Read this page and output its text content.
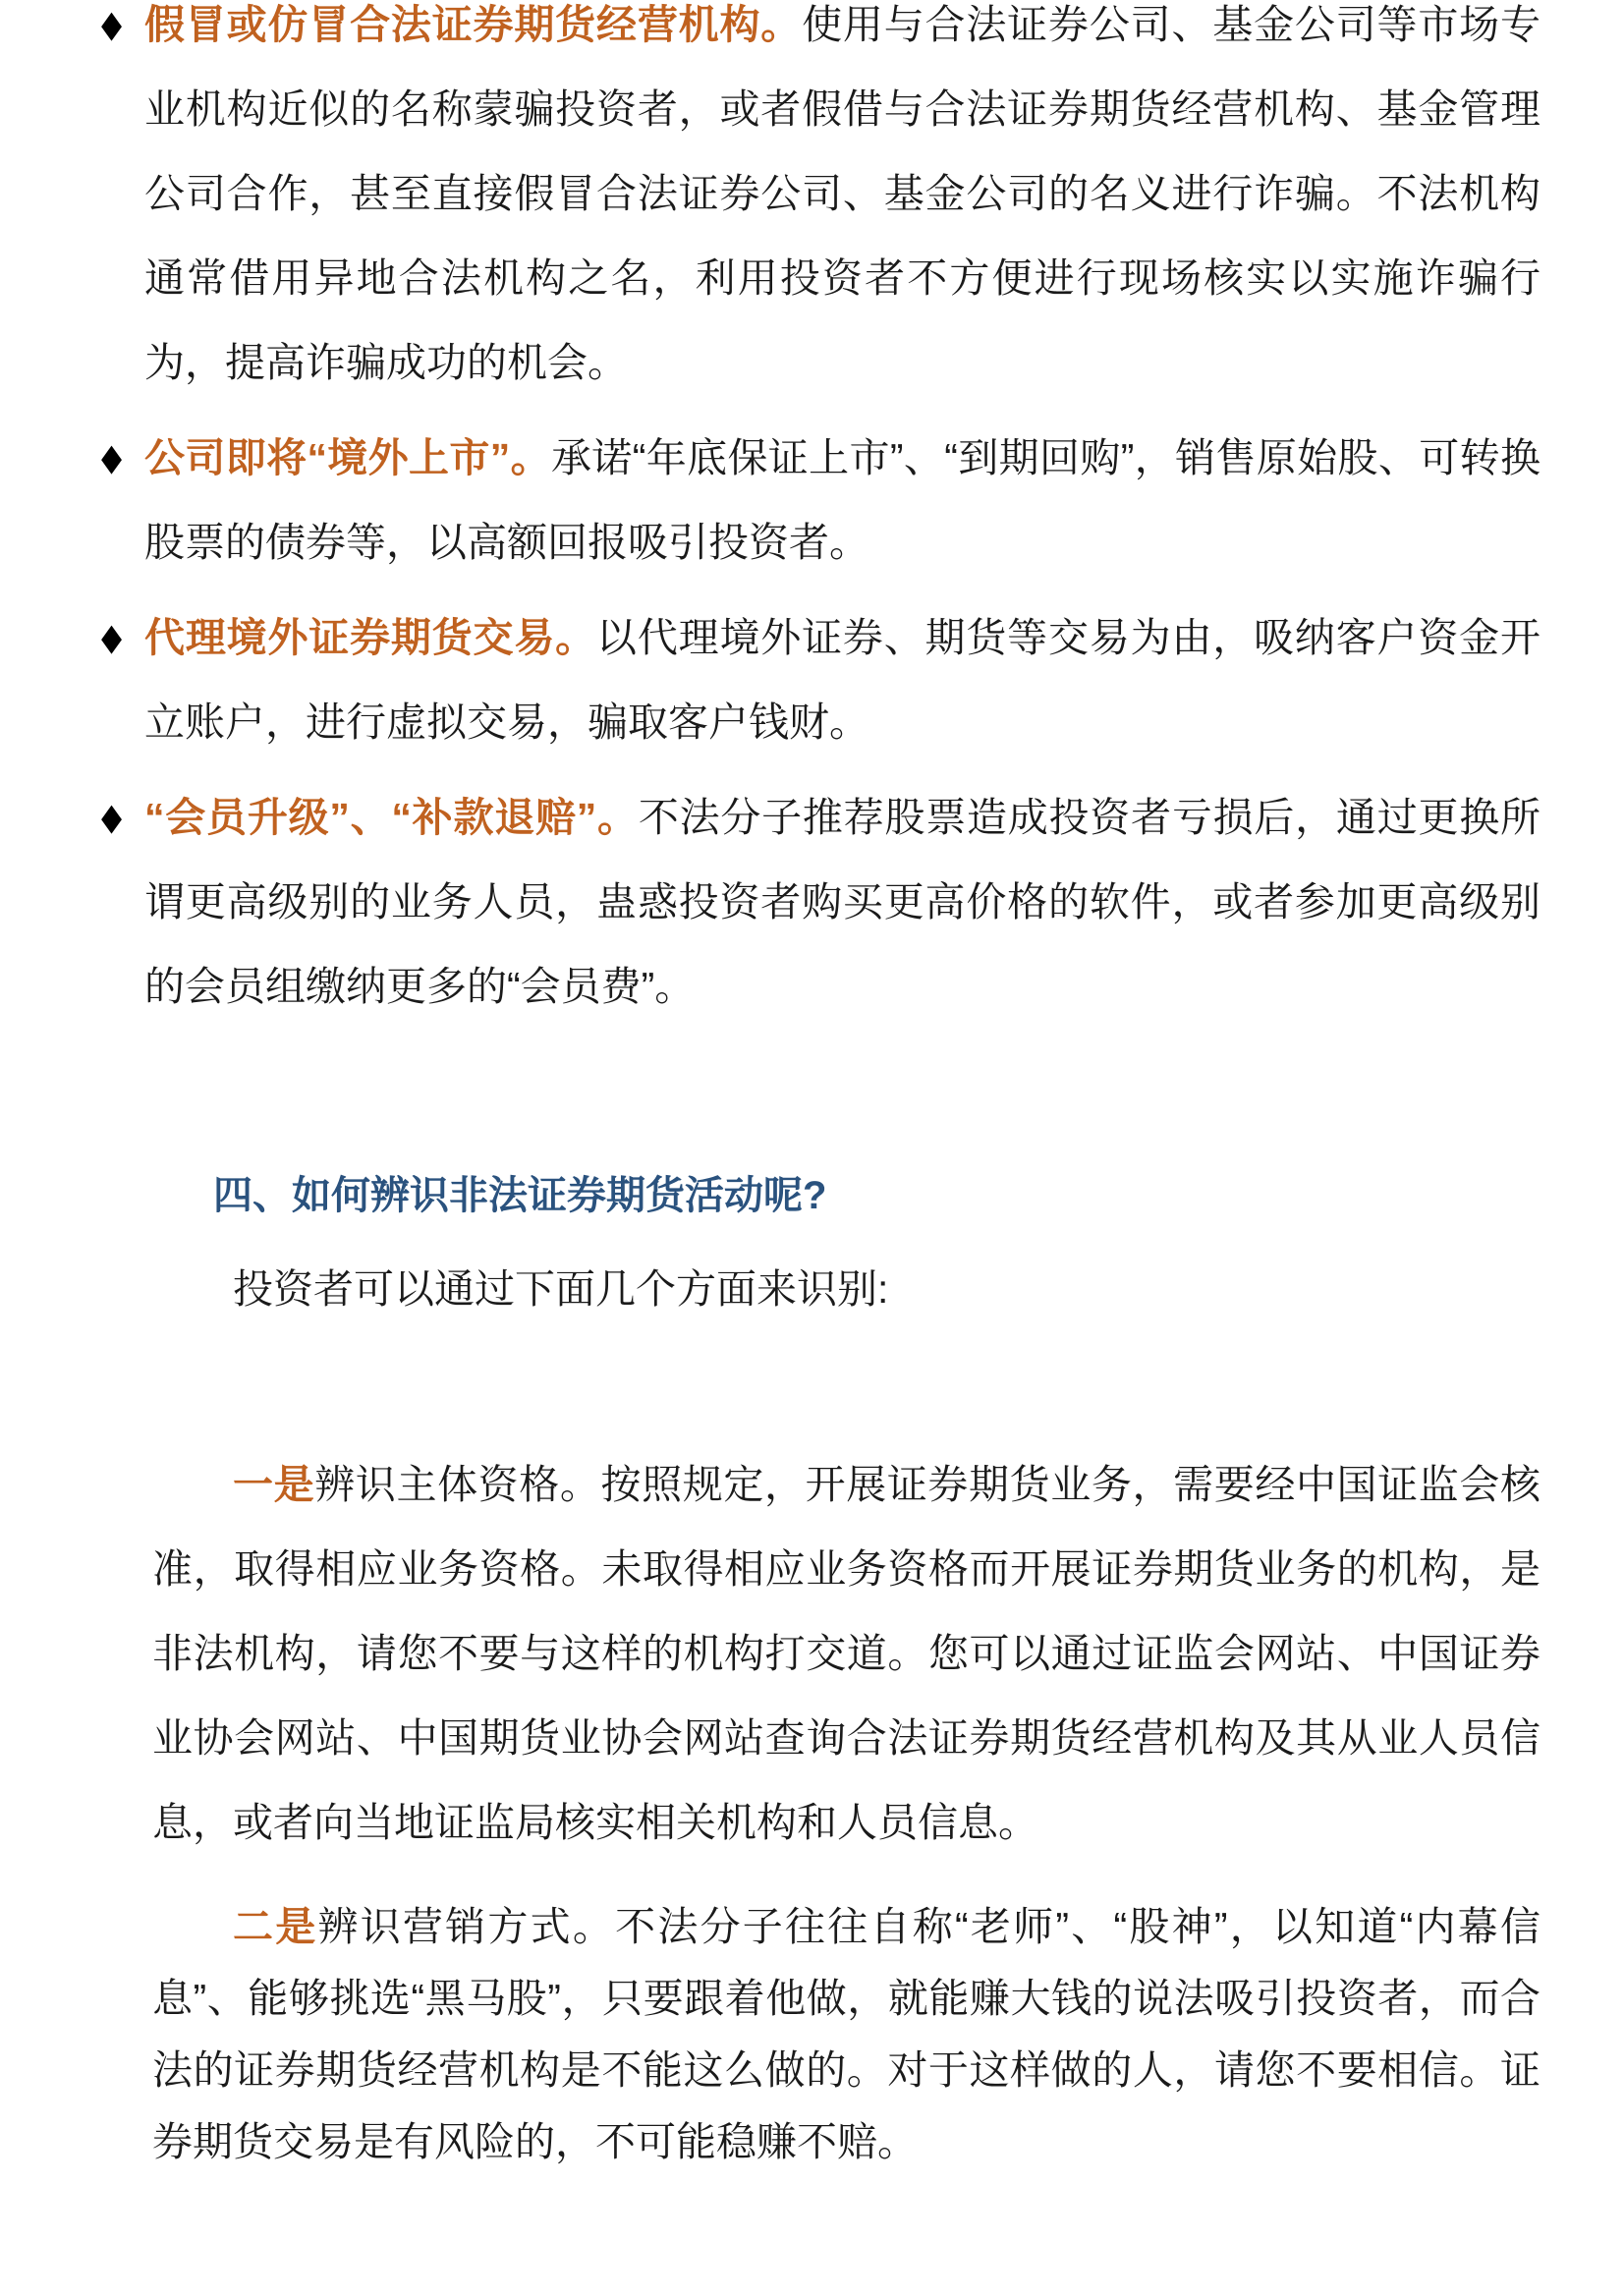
◆ 假冒或仿冒合法证券期货经营机构。使用与合法证券公司、基金公司等市场专业机构近似的名称蒙骗投资者，或者假借与合法证券期货经营机构、基金管理公司合作，甚至直接假冒合法证券公司、基金公司的名义进行诈骗。不法机构通常借用异地合法机构之名，利用投资者不方便进行现场核实以实施诈骗行为，提高诈骗成功的机会。
◆ 公司即将“境外上市”。承诺“年底保证上市”、“到期回购”，销售原始股、可转换股票的债券等，以高额回报吸引投资者。
◆ 代理境外证券期货交易。以代理境外证券、期货等交易为由，吸纳客户资金开立账户，进行虚拟交易，骗取客户钱财。
◆ “会员升级”、“补款退赔”。不法分子推荐股票造成投资者亏损后，通过更换所谓更高级别的业务人员，蛊惑投资者购买更高价格的软件，或者参加更高级别的会员组缴纳更多的“会员费”。
四、如何辨识非法证券期货活动呢?

投资者可以通过下面几个方面来识别:

一是辨识主体资格。按照规定，开展证券期货业务，需要经中国证监会核准，取得相应业务资格。未取得相应业务资格而开展证券期货业务的机构，是非法机构，请您不要与这样的机构打交道。您可以通过证监会网站、中国证券业协会网站、中国期货业协会网站查询合法证券期货经营机构及其从业人员信息，或者向当地证监局核实相关机构和人员信息。

二是辨识营销方式。不法分子往往自称“老师”、“股神”，以知道“内幕信息”、能够挑选“黑马股”，只要跟着他做，就能赚大钱的说法吸引投资者，而合法的证券期货经营机构是不能这么做的。对于这样做的人，请您不要相信。证券期货交易是有风险的，不可能稳赚不赔。
